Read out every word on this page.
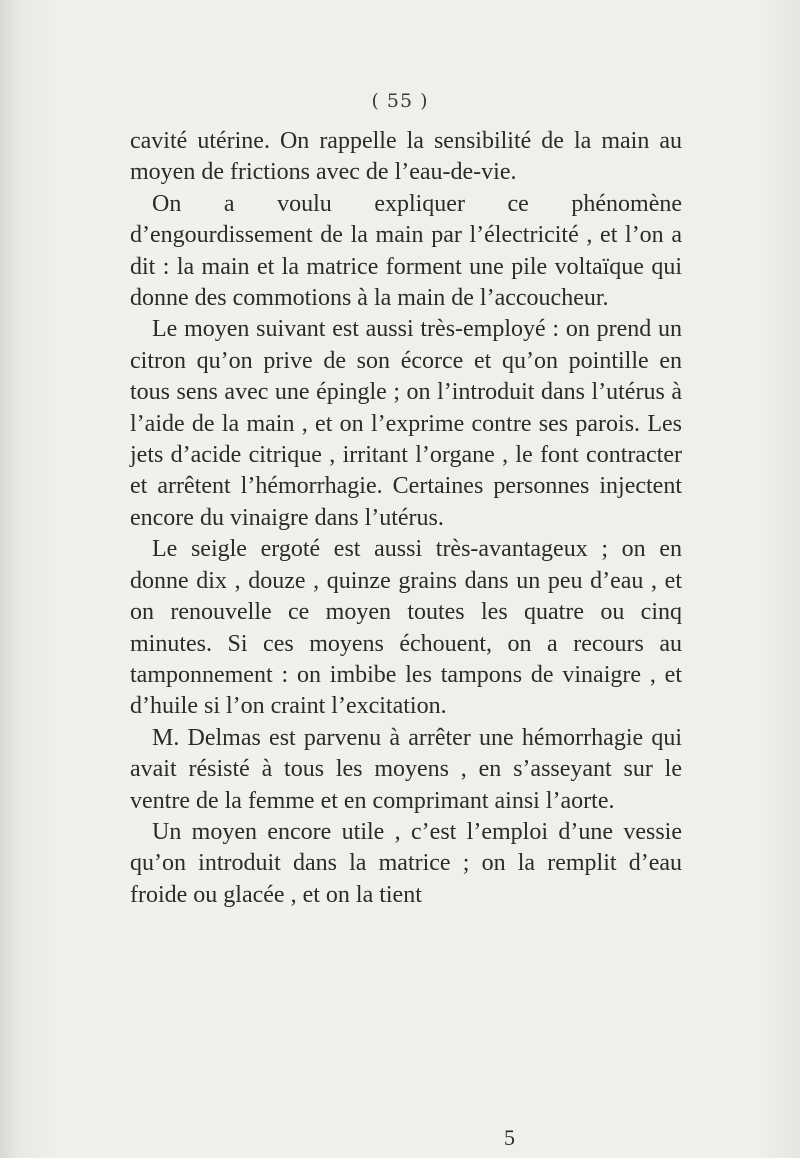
( 55 )

cavité utérine. On rappelle la sensibilité de la main au moyen de frictions avec de l’eau-de-vie.

On a voulu expliquer ce phénomène d’engourdissement de la main par l’électricité , et l’on a dit : la main et la matrice forment une pile voltaïque qui donne des commotions à la main de l’accoucheur.

Le moyen suivant est aussi très-employé : on prend un citron qu’on prive de son écorce et qu’on pointille en tous sens avec une épingle ; on l’introduit dans l’utérus à l’aide de la main , et on l’exprime contre ses parois. Les jets d’acide citrique , irritant l’organe , le font contracter et arrêtent l’hémorrhagie. Certaines personnes injectent encore du vinaigre dans l’utérus.

Le seigle ergoté est aussi très-avantageux ; on en donne dix , douze , quinze grains dans un peu d’eau , et on renouvelle ce moyen toutes les quatre ou cinq minutes. Si ces moyens échouent, on a recours au tamponnement : on imbibe les tampons de vinaigre , et d’huile si l’on craint l’excitation.

M. Delmas est parvenu à arrêter une hémorrhagie qui avait résisté à tous les moyens , en s’asseyant sur le ventre de la femme et en comprimant ainsi l’aorte.

Un moyen encore utile , c’est l’emploi d’une vessie qu’on introduit dans la matrice ; on la remplit d’eau froide ou glacée , et on la tient

5
